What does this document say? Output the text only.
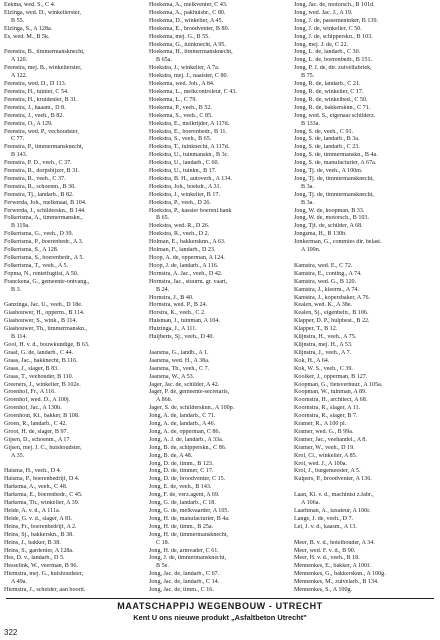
Eekma, wed. S., C 4.
Elzinga, wed. D., winkelierster,
B 55.
Elzinga, S., A 128a.
Es, wed. M., B 5k.

Feenstra, B., timmermansknecht,
A 120.
Feenstra, mej. B., winkelierster,
A 122.
Feenstra, wed. D., D 113.
Feenstra, H., tuinier, C 54.
Feenstra, H., kruidenier, B 31.
Feenstra, J., haaam., D 8.
Feenstra, J., veeh., B 82.
Feenstra, O., A 129.
Feenstra, wed. P., vechoudster,
C 77.
Feenstra, P., timmermansknecht,
B 143.
Feenstra, P. D., veeh., C 37.
Feenstra, R., dorpsbijzer, B 31.
Feenstra, R., veeh., C 37.
Feenstra, R., schoenm., B 30.
Feenstra, Tj., landarb., B 82.
Ferwerda, Joh., melkmaat, B 104.
Ferwerda, J., schilderskn., B 144.
Folkertsma, A., timmermanskn.,
B 119a.
Folkertsma, G., veeh., D 39.
Folkertsma, P., boerenbedr., A 3.
Folkertsma, S., A 128.
Folkertsma, S., boerenbedr., A 5.
Folkertsma, T., veeh., A 5.
Fopma, N., rentetfugtist, A 50.
Franckena, G., gemeente-ontvang.,
B 3.

Ganzinga, Jac. U., veeh., D 18e.
Glashouwer, H., opperm., B 114.
Glashouwer, S., wink., B 114.
Glashouwer, Th., timmermanskn.,
B 114.
Gool, H. v. d., bouwkundige, B 63.
Graaf, G. de, landarb., C 44.
Graas, Jac., bakknecht, B 116.
Graas, J., slager, B 83.
Graas, T., veehouder, B 110.
Greeners, J., winkelier, B 102e.
Groenhof, Fr., A 116.
Groenhof, wed. D., A 100j.
Groenhof, Jac., A 130b.
Groenhout, Kl., bakker, B 108.
Groen, R., landarb., C 42.
Groot, H. de, slager, B 97.
Gijsen, D., schoenm., A 17.
Gijsen, mej. J. C., huishoudster,
A 35.

Haisma, H., veeh., D 4.
Haisma, P., boerenbedrijf, D 4.
Harkema, A., veeh., C 48.
Harkema, E., boerenbedr., C 45.
Harkema, Th., winkelier, A 39.
Heide, A. v. d., A 111a.
Heide, G. v. d., slager, A 81.
Heins, Fr., boerenbedrijf, A 2.
Heins, Sj., bakkerskn., B 38.
Heins, J., bakker, B 38.
Heins, S., gardenier, A 128a.
Hes, D. v., landarb., D 5.
Hesselink, W., veerman, B 96.
Hiemstra, mej. G., huishoudster,
A 49a.
Hiemstra, J., scheider, aan boord.
Hoekema, A., melkventer, C 43.
Hoekema, A., pakhuisbr., C 80.
Hoekema, D., winkelier, A 45.
Hoekema, E., broodventer, B 80.
Hoekema, mej. G., B 55.
Hoekema, G., tuinknecht, A 95.
Hoekema, H., timmermansknecht,
B 65a.
Hoekstra, J., winkelier, A 7a.
Hoekstra, mej. J., naaister, C 80.
Hoekema, wed. Joh., A 84.
Hoekema, L., melkcontroleur, C 43.
Hoekema, L., C 79.
Hoekema, P., veeh., B 52.
Hoekema, S., veeh., C 85.
Hoekstra, E., melkrijder, A 117d.
Hoekstra, E., boerenbedr., B 11.
Hoekstra, S., veeh., B 65.
Hoekstra, T., tuinknecht, A 117d.
Hoekstra, U., tuinmanskn., B 3c.
Hoekstra, U., landarb., C 60.
Hoekstra, U., tuinkn., B 17.
Hoekstra, B. H., autoverh., A 134.
Hoekstra, Joh., boekdr., A 31.
Hoekstra, J., winkelier, B 17.
Hoekstra, P., veeh., D 26.
Hoekstra, P., kassier boerenl.bank
B 65.
Hoekstra, wed. R., D 26.
Hoekstra, R., veeh., D 2.
Holman, E., bakkersknn., A 63.
Holman, F., landarb., D 23.
Hoop, A. de, opperman, A 124.
Hoop, J. de, landarb., A 116.
Hornstra, A. Jac., veeh., D 42.
Hornstra, Jac., stuurm. gr. vaart,
B 24.
Hornstra, J., B 40.
Hornstra, wed. P., B 24.
Horstra, K., veeh., C 2.
Huisman, J., tuinman, A 104.
Huizinga, J., A 111.
Huijberts, Sj., veeh., D 40.

Jaarsma, G., landb., A 1.
Jaarsma, wed. H., A 38a.
Jaarsma, Th., veeh., C 7.
Jaarsma, W., A 53.
Jager, Jac. de, schilder, A 42.
Jager, P. de, gemeente-secretaris,
A 86b.
Jager, S. de, schildersknn., A 100p.
Jong, A. de, landarb., C 71.
Jong, A. de, landarb., A 46.
Jong, A. de, opperman, C 86.
Jong, A. J. de, landarb., A 33a.
Jong, B. de, schipperskn., C 86.
Jong, B. de, A 48.
Jong, D. de, timm., B 123.
Jong, D. de, timmer, C 17.
Jong, D. de, broodventer, C 15.
Jong, E. de, veeh., B 143.
Jong, F. de, verz.agent, A 69.
Jong, G. de, landarb., C 18.
Jong, G. de, melkvaarder, A 105.
Jong, H. de, manufacturier, B 4a.
Jong, H. de, timm., B 25a.
Jong, H. de, timmermansknecht,
C 18.
Jong, H. de, armvader, C 61.
Jong, J. de, timmermansknecht,
B 5e.
Jong, Jac. de, landarb., C 67.
Jong, Jac. de, landarb., C 14.
Jong, Jac. de, timm., C 16.
Jong, Jac. de, motorsch., B 101d.
Jong, wed. Jac. J., A 19.
Jong, J. de, passementnker, B 139.
Jong, J. de, winkelier, C 50.
Jong, J. de, schipperskn., B 103.
Jong, mej. J. de, C 22.
Jong, L. de, landarb., C 30.
Jong, L. de, boerenbedr., B 151.
Jong, P. J. de, dir. zuivelfabriek,
B 75.
Jong, R. de, landarb., C 21.
Jong, R. de, winkelier, C 17.
Jong, R. de, winkelbed., C 50.
Jong, R. de, bakkersknn., C 71.
Jong, wed. S., eigenaar schilderz.
B 133a.
Jong, S. de, veeh., C 91.
Jong, S. de, landarb., B 3a.
Jong, S. de, landarb., C 23.
Jong, S. de, timmermanskn., B 4a.
Jong, S. de, manufacturier, A 67a.
Jong, Tj. de, veeh., A 100m.
Jong, Tj. de, timmermansknecht,
B 3a.
Jong, Tj. de, timmermansknecht,
B 3a.
Jong, W. de, koopman, B 33.
Jong, W. de, motorsch., B 103.
Jong, Tjf. de, schilder, A 68.
Jongsma, H., B 130b.
Jonkerman, G., commies dir. belast.
A 100n.

Kamstra, wed. E., C 72.
Kamstra, E., conting., A 74.
Kamstra, wed. G., B 120.
Kamstra, J., kleerm., A 74.
Kamstra, J., kopersbaker, A 76.
Kealen, wed. K., A 38e.
Kealen, Sj., eigenbeln., B 106.
Klapper, D. P., hulpbest., B 22.
Klapper, T., B 12.
Klijnstra, H., veeh., A 75.
Klijnstra, mej. H., A 53.
Klijnstra, J., veeh., A 7.
Kok, H., A 64.
Kok, W. S., veeh., C 39.
Koolker, J., opperman, B 127.
Koopman, G., fietsverhuur., A 105a.
Koopman, W., tuinman, A 89.
Koornstra, H., architect, A 68.
Koornstra, R., slager, A 11.
Koornstra, R., slager, B 7.
Kramer, R., A 100 pl.
Kramer, wed. G., B 99a.
Kramer, Jac., veehandel., A 8.
Kramer, W., veeh., D 19.
Krol, Cl., winkelier, A 85.
Krol, wed. J., A 100a.
Krol, J., burgemeester, A 5.
Kuipers, P., broodventer, A 136.

Laan, Kl. v. d., machinist z.fabr.,
A 106a.
Laarhman, A., taxateur, A 100r.
Lange, J. de, veeh., D 7.
Lei, J. v. d., kaasm., A 13.

Meer, B. v. d., hotelhouder, A 34.
Meer, wed. F. v. d., B 90.
Meer, H. v. d., veeh., B 18.
Mennenkes, E., bakker, A 100f.
Mennenkes, G., bakkersknn., A 100g.
Mennenkes, M., zuivelarb., B 134.
Mennenkes, S., A 100g.
MAATSCHAPPIJ WEGENBOUW - UTRECHT
Kent U ons nieuwe produkt „Asfaltbeton Utrecht"
322
